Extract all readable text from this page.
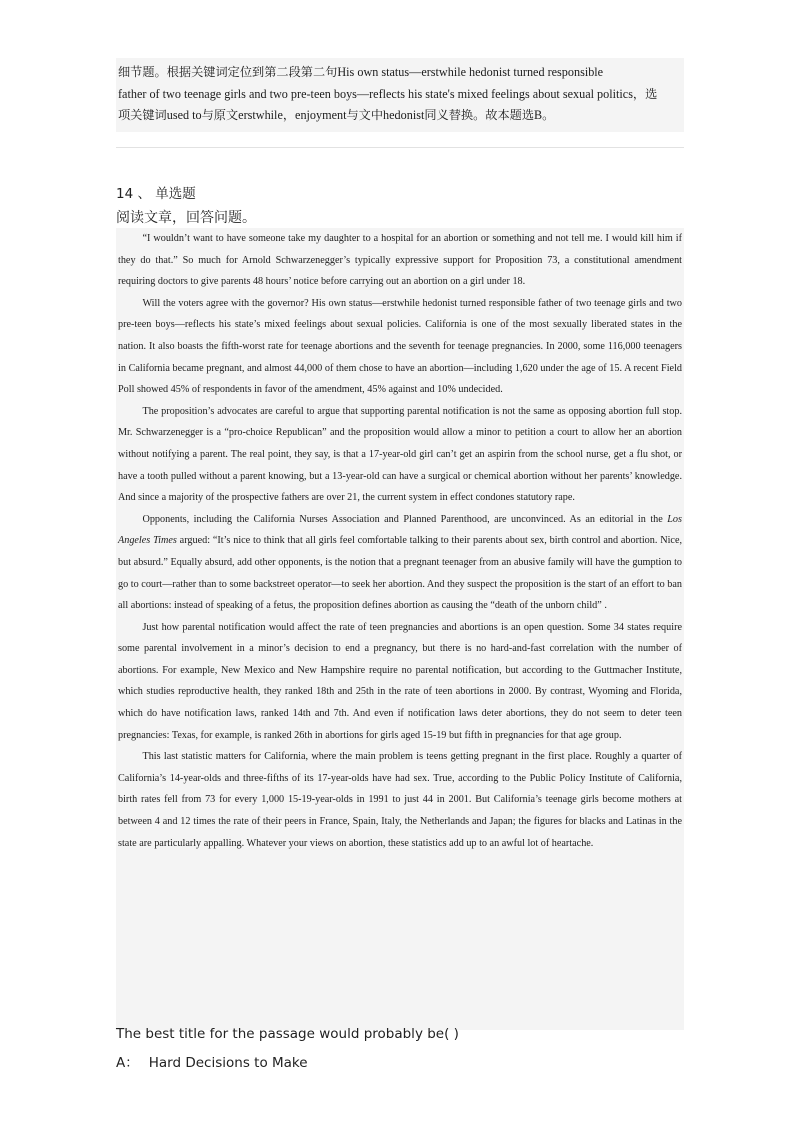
细节题。根据关键词定位到第二段第二句His own status—erstwhile hedonist turned responsible
father of two teenage girls and two pre-teen boys—reflects his state's mixed feelings about sexual politics，选
项关键词used to与原文erstwhile，enjoyment与文中hedonist同义替换。故本题选B。
14 、 单选题
阅读文章，回答问题。

“I wouldn’t want to have someone take my daughter to a hospital for an abortion or something and not tell me. I would kill him if they do that.” So much for Arnold Schwarzenegger’s typically expressive support for Proposition 73, a constitutional amendment requiring doctors to give parents 48 hours’ notice before carrying out an abortion on a girl under 18.

Will the voters agree with the governor? His own status—erstwhile hedonist turned responsible father of two teenage girls and two pre-teen boys—reflects his state’s mixed feelings about sexual policies. California is one of the most sexually liberated states in the nation. It also boasts the fifth-worst rate for teenage abortions and the seventh for teenage pregnancies. In 2000, some 116,000 teenagers in California became pregnant, and almost 44,000 of them chose to have an abortion—including 1,620 under the age of 15. A recent Field Poll showed 45% of respondents in favor of the amendment, 45% against and 10% undecided.

The proposition’s advocates are careful to argue that supporting parental notification is not the same as opposing abortion full stop. Mr. Schwarzenegger is a “pro-choice Republican” and the proposition would allow a minor to petition a court to allow her an abortion without notifying a parent. The real point, they say, is that a 17-year-old girl can’t get an aspirin from the school nurse, get a flu shot, or have a tooth pulled without a parent knowing, but a 13-year-old can have a surgical or chemical abortion without her parents’ knowledge. And since a majority of the prospective fathers are over 21, the current system in effect condones statutory rape.

Opponents, including the California Nurses Association and Planned Parenthood, are unconvinced. As an editorial in the Los Angeles Times argued: “It’s nice to think that all girls feel comfortable talking to their parents about sex, birth control and abortion. Nice, but absurd.” Equally absurd, add other opponents, is the notion that a pregnant teenager from an abusive family will have the gumption to go to court—rather than to some backstreet operator—to seek her abortion. And they suspect the proposition is the start of an effort to ban all abortions: instead of speaking of a fetus, the proposition defines abortion as causing the “death of the unborn child” .

Just how parental notification would affect the rate of teen pregnancies and abortions is an open question. Some 34 states require some parental involvement in a minor’s decision to end a pregnancy, but there is no hard-and-fast correlation with the number of abortions. For example, New Mexico and New Hampshire require no parental notification, but according to the Guttmacher Institute, which studies reproductive health, they ranked 18th and 25th in the rate of teen abortions in 2000. By contrast, Wyoming and Florida, which do have notification laws, ranked 14th and 7th. And even if notification laws deter abortions, they do not seem to deter teen pregnancies: Texas, for example, is ranked 26th in abortions for girls aged 15-19 but fifth in pregnancies for that age group.

This last statistic matters for California, where the main problem is teens getting pregnant in the first place. Roughly a quarter of California’s 14-year-olds and three-fifths of its 17-year-olds have had sex. True, according to the Public Policy Institute of California, birth rates fell from 73 for every 1,000 15-19-year-olds in 1991 to just 44 in 2001. But California’s teenage girls become mothers at between 4 and 12 times the rate of their peers in France, Spain, Italy, the Netherlands and Japan; the figures for blacks and Latinas in the state are particularly appalling. Whatever your views on abortion, these statistics add up to an awful lot of heartache.

The best title for the passage would probably be( )
A： Hard Decisions to Make
